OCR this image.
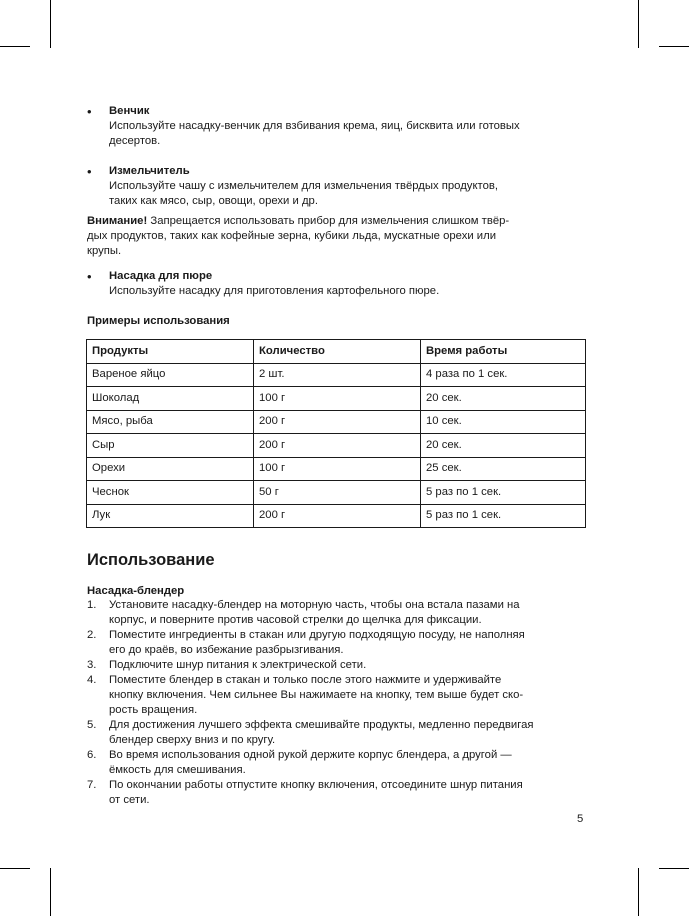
• Венчик
Используйте насадку-венчик для взбивания крема, яиц, бисквита или готовых
десертов.
• Измельчитель
Используйте чашу с измельчителем для измельчения твёрдых продуктов,
таких как мясо, сыр, овощи, орехи и др.
Внимание! Запрещается использовать прибор для измельчения слишком твёр-
дых продуктов, таких как кофейные зерна, кубики льда, мускатные орехи или
крупы.
• Насадка для пюре
Используйте насадку для приготовления картофельного пюре.
Примеры использования
Продукты	Количество	Время работы
Вареное яйцо	2 шт.	4 раза по 1 сек.
Шоколад	100 г	20 сек.
Мясо, рыба	200 г	10 сек.
Сыр	200 г	20 сек.
Орехи	100 г	25 сек.
Чеснок	50 г	5 раз по 1 сек.
Лук	200 г	5 раз по 1 сек.
Использование
Насадка-блендер
1. Установите насадку-блендер на моторную часть, чтобы она встала пазами на
корпус, и поверните против часовой стрелки до щелчка для фиксации.
2. Поместите ингредиенты в стакан или другую подходящую посуду, не наполняя
его до краёв, во избежание разбрызгивания.
3. Подключите шнур питания к электрической сети.
4. Поместите блендер в стакан и только после этого нажмите и удерживайте
кнопку включения. Чем сильнее Вы нажимаете на кнопку, тем выше будет ско-
рость вращения.
5. Для достижения лучшего эффекта смешивайте продукты, медленно передвигая
блендер сверху вниз и по кругу.
6. Во время использования одной рукой держите корпус блендера, а другой —
ёмкость для смешивания.
7. По окончании работы отпустите кнопку включения, отсоедините шнур питания
от сети.
5
